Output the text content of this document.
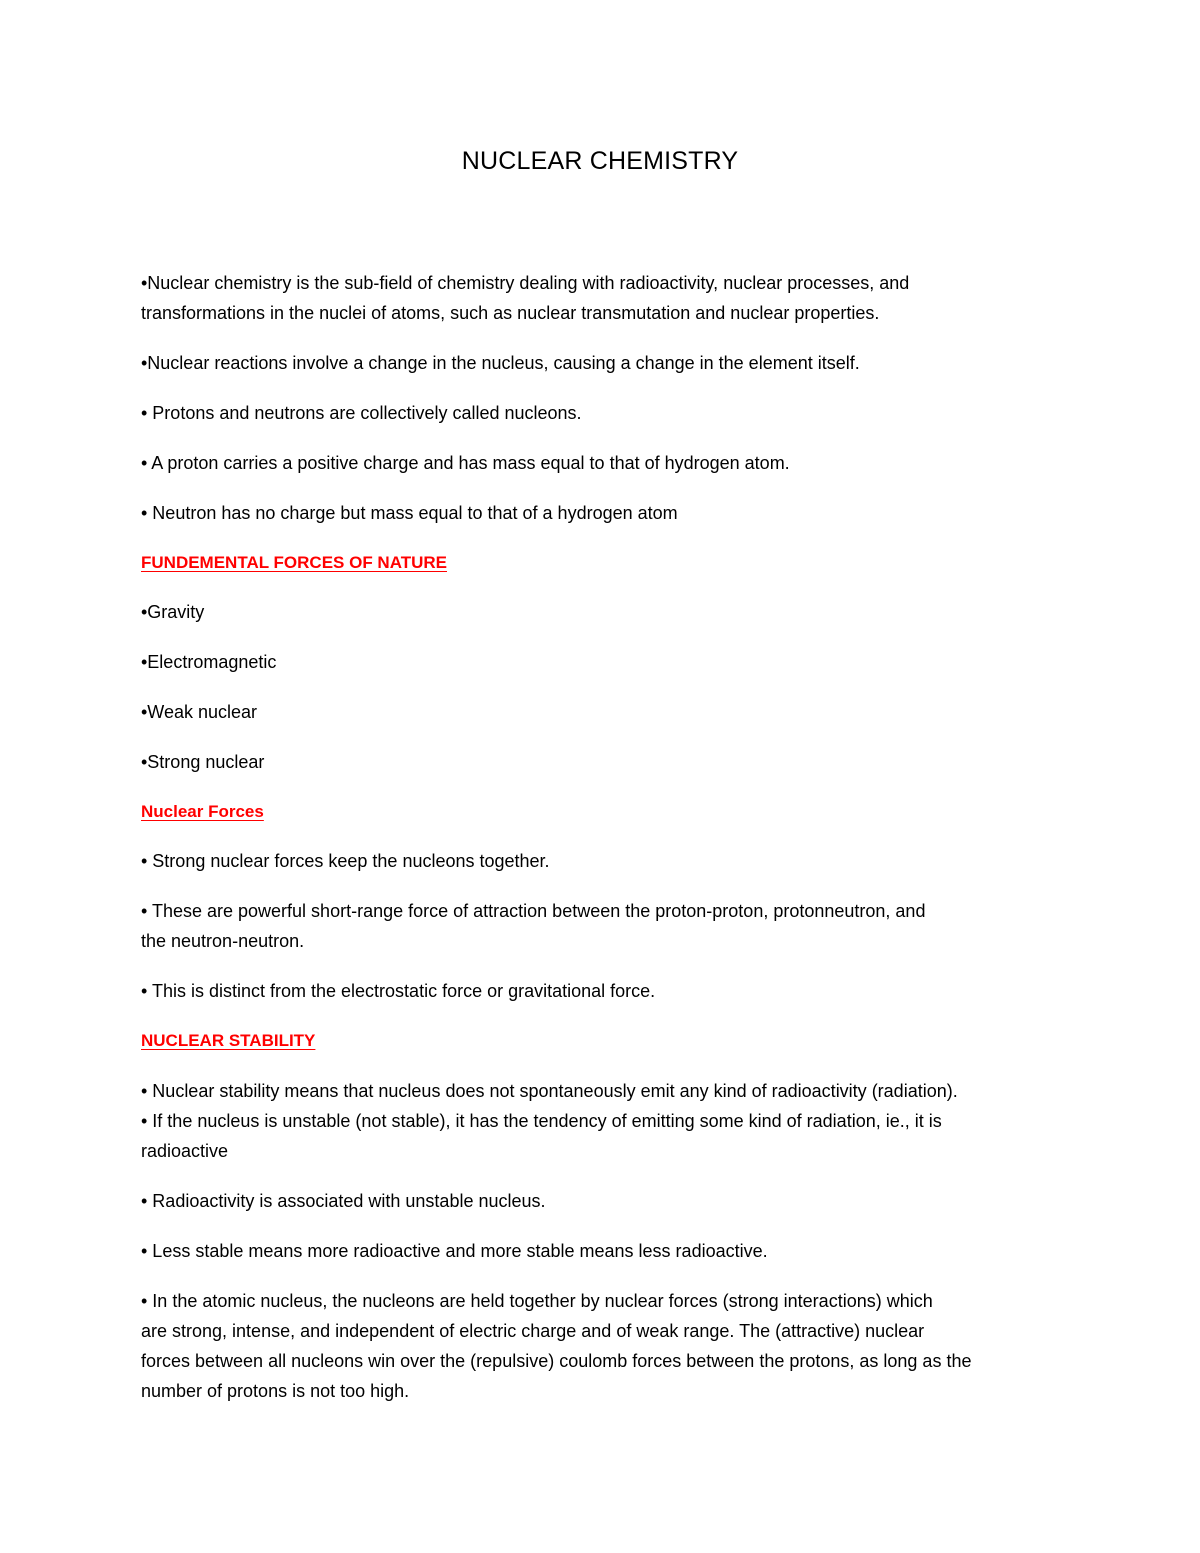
NUCLEAR CHEMISTRY
•Nuclear chemistry is the sub-field of chemistry dealing with radioactivity, nuclear processes, and
transformations in the nuclei of atoms, such as nuclear transmutation and nuclear properties.
•Nuclear reactions involve a change in the nucleus, causing a change in the element itself.
• Protons and neutrons are collectively called nucleons.
• A proton carries a positive charge and has mass equal to that of hydrogen atom.
• Neutron has no charge but mass equal to that of a hydrogen atom
FUNDEMENTAL FORCES OF NATURE
•Gravity
•Electromagnetic
•Weak nuclear
•Strong nuclear
Nuclear Forces
• Strong nuclear forces keep the nucleons together.
• These are powerful short-range force of attraction between the proton-proton, protonneutron, and
the neutron-neutron.
• This is distinct from the electrostatic force or gravitational force.
NUCLEAR STABILITY
• Nuclear stability means that nucleus does not spontaneously emit any kind of radioactivity (radiation).
• If the nucleus is unstable (not stable), it has the tendency of emitting some kind of radiation, ie., it is
radioactive
• Radioactivity is associated with unstable nucleus.
• Less stable means more radioactive and more stable means less radioactive.
• In the atomic nucleus, the nucleons are held together by nuclear forces (strong interactions) which
are strong, intense, and independent of electric charge and of weak range. The (attractive) nuclear
forces between all nucleons win over the (repulsive) coulomb forces between the protons, as long as the
number of protons is not too high.
